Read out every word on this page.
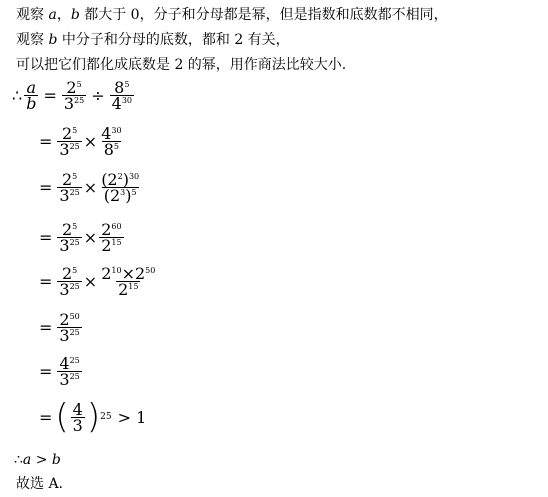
观察 a，b 都大于 0，分子和分母都是幂，但是指数和底数都不相同，
观察 b 中分子和分母的底数，都和 2 有关，
可以把它们都化成底数是 2 的幂，用作商法比较大小.
∴ $\frac{a}{b} = \frac{2^5}{3^{25}} \div \frac{8^5}{4^{30}}$
= $\frac{2^5}{3^{25}} \times \frac{4^{30}}{8^5}$
= $\frac{2^5}{3^{25}} \times \frac{(2^2)^{30}}{(2^3)^5}$
= $\frac{2^5}{3^{25}} \times \frac{2^{60}}{2^{15}}$
= $\frac{2^5}{3^{25}} \times \frac{2^{10}\times 2^{50}}{2^{15}}$
= $\frac{2^{50}}{3^{25}}$
= $\frac{4^{25}}{3^{25}}$
= ( $\frac{4}{3}$ ) 25 > 1
∴a > b
故选 A.
